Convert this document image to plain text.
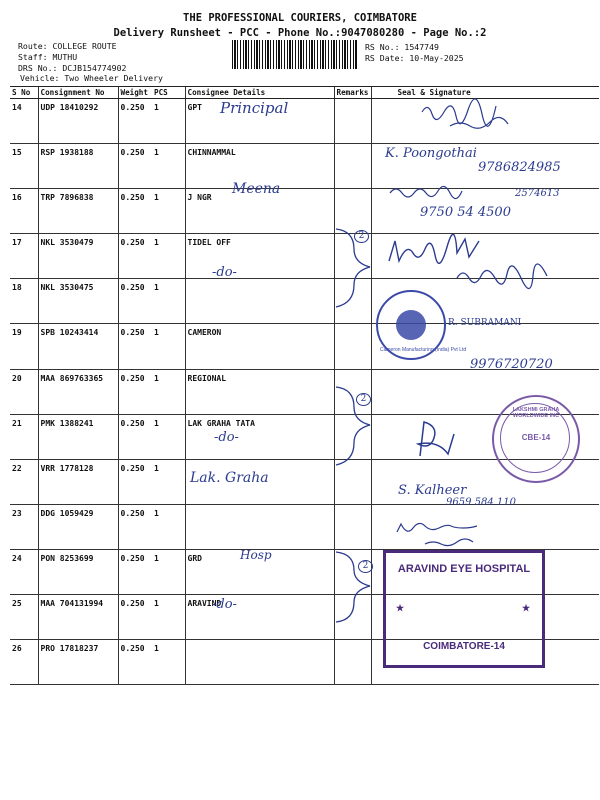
THE PROFESSIONAL COURIERS, COIMBATORE
Delivery Runsheet - PCC - Phone No.:9047080280 - Page No.:2
Route: COLLEGE ROUTE
Staff: MUTHU
DRS No.: DCJB154774902
Vehicle: Two Wheeler Delivery
RS No.: 1547749
RS Date: 10-May-2025
S No	Consignment No	Weight	PCS	Consignee Details	Remarks	Seal & Signature
14	UDP 18410292	0.250	1	GPT		
15	RSP 1938188	0.250	1	CHINNAMMAL		
16	TRP 7896838	0.250	1	J NGR		
17	NKL 3530479	0.250	1	TIDEL OFF		
18	NKL 3530475	0.250	1			
19	SPB 10243414	0.250	1	CAMERON		
20	MAA 869763365	0.250	1	REGIONAL		
21	PMK 1388241	0.250	1	LAK GRAHA TATA		
22	VRR 1778128	0.250	1			
23	DDG 1059429	0.250	1			
24	PON 8253699	0.250	1	GRD		
25	MAA 704131994	0.250	1	ARAVIND		
26	PRO 17818237	0.250	1			
Principal
K. Poongothai
9786824985
Meena	2574613
9750 54 4500
-do-
R. SUBRAMANI
9976720720
-do-
Lak. Graha
S. Kalheer
9659 584 110
Hosp
-do-
2
2
2
Cameron Manufacturing (India) Pvt Ltd
LAKSHMI GRAHA WORLDWIDE INC
CBE-14
ARAVIND EYE HOSPITAL
★	★
COIMBATORE-14
